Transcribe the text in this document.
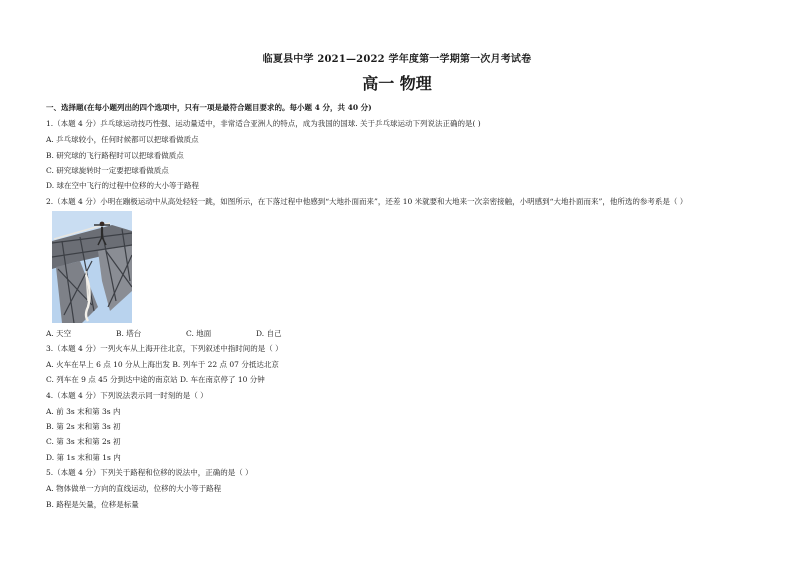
临夏县中学 2021—2022 学年度第一学期第一次月考试卷
高一 物理
一、选择题(在每小题列出的四个选项中，只有一项是最符合题目要求的。每小题 4 分，共 40 分)
1.（本题 4 分）乒乓球运动技巧性强、运动量适中，非常适合亚洲人的特点，成为我国的国球. 关于乒乓球运动下列说法正确的是( )
A. 乒乓球较小，任何时候都可以把球看做质点
B. 研究球的飞行路程时可以把球看做质点
C. 研究球旋转时一定要把球看做质点
D. 球在空中飞行的过程中位移的大小等于路程
2.（本题 4 分）小明在蹦极运动中从高处轻轻一跳，如图所示，在下落过程中他感到“大地扑面而来”，还差 10 米就要和大地来一次亲密接触，小明感到“大地扑面而来”，他所选的参考系是（ ）
A. 天空	B. 塔台	C. 地面	D. 自己
3.（本题 4 分）一列火车从上海开往北京，下列叙述中指时间的是（ ）
A. 火车在早上 6 点 10 分从上海出发 B. 列车于 22 点 07 分抵达北京
C. 列车在 9 点 45 分到达中途的南京站 D. 车在南京停了 10 分钟
4.（本题 4 分）下列说法表示同一时刻的是（ ）
A. 前 3s 末和第 3s 内
B. 第 2s 末和第 3s 初
C. 第 3s 末和第 2s 初
D. 第 1s 末和第 1s 内
5.（本题 4 分）下列关于路程和位移的说法中，正确的是（ ）
A. 物体做单一方向的直线运动，位移的大小等于路程
B. 路程是矢量，位移是标量
